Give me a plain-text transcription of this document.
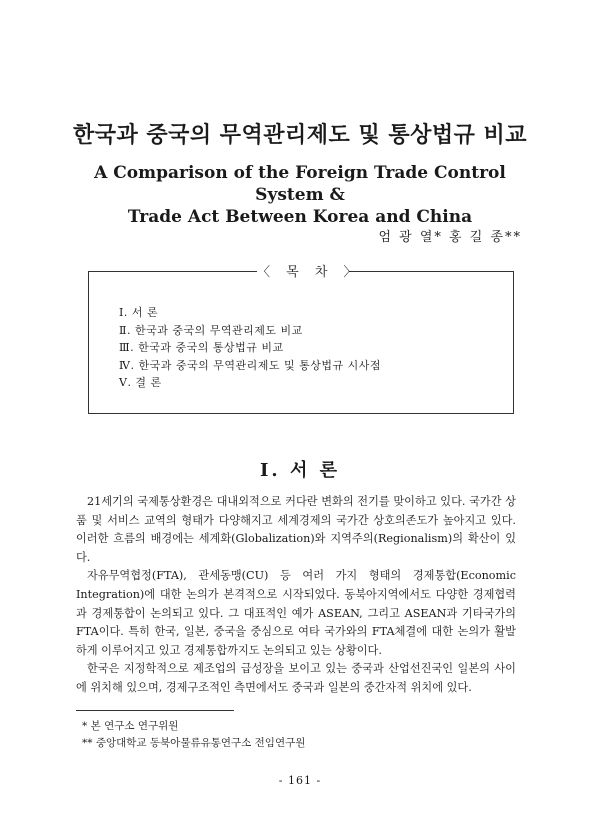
한국과 중국의 무역관리제도 및 통상법규 비교
A Comparison of the Foreign Trade Control System &
Trade Act Between Korea and China
엄 광 열* 홍 길 종**
〈 목 차 〉
Ⅰ. 서 론
Ⅱ. 한국과 중국의 무역관리제도 비교
Ⅲ. 한국과 중국의 통상법규 비교
Ⅳ. 한국과 중국의 무역관리제도 및 통상법규 시사점
Ⅴ. 결 론
Ⅰ. 서 론

21세기의 국제통상환경은 대내외적으로 커다란 변화의 전기를 맞이하고 있다. 국가간 상품 및 서비스 교역의 형태가 다양해지고 세계경제의 국가간 상호의존도가 높아지고 있다. 이러한 흐름의 배경에는 세계화(Globalization)와 지역주의(Regionalism)의 확산이 있다.

자유무역협정(FTA), 관세동맹(CU) 등 여러 가지 형태의 경제통합(Economic Integration)에 대한 논의가 본격적으로 시작되었다. 동북아지역에서도 다양한 경제협력과 경제통합이 논의되고 있다. 그 대표적인 예가 ASEAN, 그리고 ASEAN과 기타국가의 FTA이다. 특히 한국, 일본, 중국을 중심으로 여타 국가와의 FTA체결에 대한 논의가 활발하게 이루어지고 있고 경제통합까지도 논의되고 있는 상황이다.

한국은 지정학적으로 제조업의 급성장을 보이고 있는 중국과 산업선진국인 일본의 사이에 위치해 있으며, 경제구조적인 측면에서도 중국과 일본의 중간자적 위치에 있다.

* 본 연구소 연구위원
** 중앙대학교 동북아물류유통연구소 전임연구원
- 161 -
